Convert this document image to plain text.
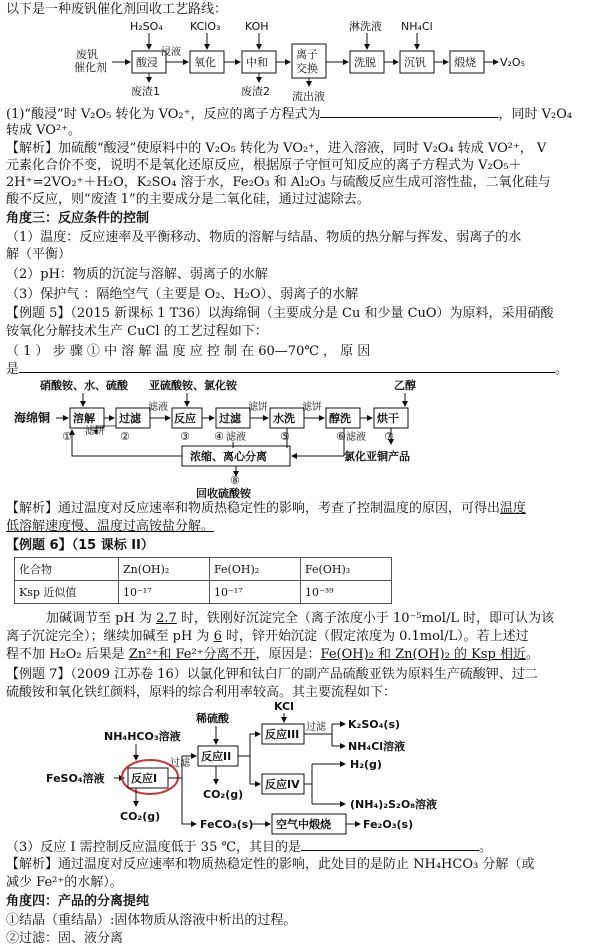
以下是一种废钒催化剂回收工艺路线：
废钒
催化剂	酸浸
浸液
氧化	中和
离子
交换	洗脱	沉钒	煅烧 V₂O₅
H₂SO₄ KClO₃ KOH	淋洗液 NH₄Cl
废渣1	废渣2 流出液
(1)“酸浸”时 V₂O₅ 转化为 VO₂⁺，反应的离子方程式为	，同时 V₂O₄
转成 VO²⁺。
【解析】加硫酸“酸浸”使原料中的 V₂O₅ 转化为 VO₂⁺，进入溶液，同时 V₂O₄ 转成 VO²⁺， V
元素化合价不变，说明不是氧化还原反应，根据原子守恒可知反应的离子方程式为 V₂O₅＋
2H⁺=2VO₂⁺＋H₂O，K₂SO₄ 溶于水，Fe₂O₃ 和 Al₂O₃ 与硫酸反应生成可溶性盐，二氧化硅与
酸不反应，则“废渣 1”的主要成分是二氧化硅，通过过滤除去。
角度三：反应条件的控制
（1）温度：反应速率及平衡移动、物质的溶解与结晶、物质的热分解与挥发、弱离子的水
解（平衡）
（2）pH：物质的沉淀与溶解、弱离子的水解
（3）保护气 ：隔绝空气（主要是 O₂、H₂O）、弱离子的水解
【例题 5】（2015 新课标 1 T36）以海绵铜（主要成分是 Cu 和少量 CuO）为原料，采用硝酸
铵氧化分解技术生产 CuCl 的工艺过程如下：
（ 1 ） 步 骤 ① 中 溶 解 温 度 应 控 制 在 60—70℃ ， 原 因
是	。
硝酸铵、水、硫酸 亚硫酸铵、氯化铵	乙醇
海绵铜 溶解 过滤
滤液
反应 过滤
滤饼
水洗
滤饼
醇洗 烘干
①	②	③ ④ 滤液	⑤	⑥	⑦
滤饼
滤液
浓缩、离心分离
⑧
回收硫酸铵
氯化亚铜产品
【解析】通过温度对反应速率和物质热稳定性的影响，考查了控制温度的原因，可得出温度
低溶解速度慢、温度过高铵盐分解。
【例题 6】（15 课标 II）
化合物	Zn(OH)₂	Fe(OH)₂	Fe(OH)₃
Ksp 近似值	10⁻¹⁷	10⁻¹⁷	10⁻³⁹
加碱调节至 pH 为 2.7 时，铁刚好沉淀完全（离子浓度小于 10⁻⁵mol/L 时，即可认为该
离子沉淀完全）；继续加碱至 pH 为 6 时，锌开始沉淀（假定浓度为 0.1mol/L）。若上述过
程不加 H₂O₂ 后果是 Zn²⁺和 Fe²⁺分离不开，原因是：Fe(OH)₂ 和 Zn(OH)₂ 的 Ksp 相近。
【例题 7】（2009 江苏卷 16）以氯化钾和钛白厂的副产品硫酸亚铁为原料生产硫酸钾、过二
硫酸铵和氧化铁红颜料，原料的综合利用率较高。其主要流程如下：
KCl
反应III
过滤 K₂SO₄(s)
NH₄Cl溶液
稀硫酸
反应II
CO₂(g)
反应IV
H₂(g)
(NH₄)₂S₂O₈溶液
NH₄HCO₃溶液
FeSO₄溶液 反应I
过滤
CO₂(g)
FeCO₃(s) 空气中煅烧	Fe₂O₃(s)
（3）反应 I 需控制反应温度低于 35 ℃，其目的是	。
【解析】通过温度对反应速率和物质热稳定性的影响，此处目的是防止 NH₄HCO₃ 分解（或
减少 Fe²⁺的水解）。
角度四：产品的分离提纯
①结晶（重结晶）:固体物质从溶液中析出的过程。
②过滤：固、液分离
